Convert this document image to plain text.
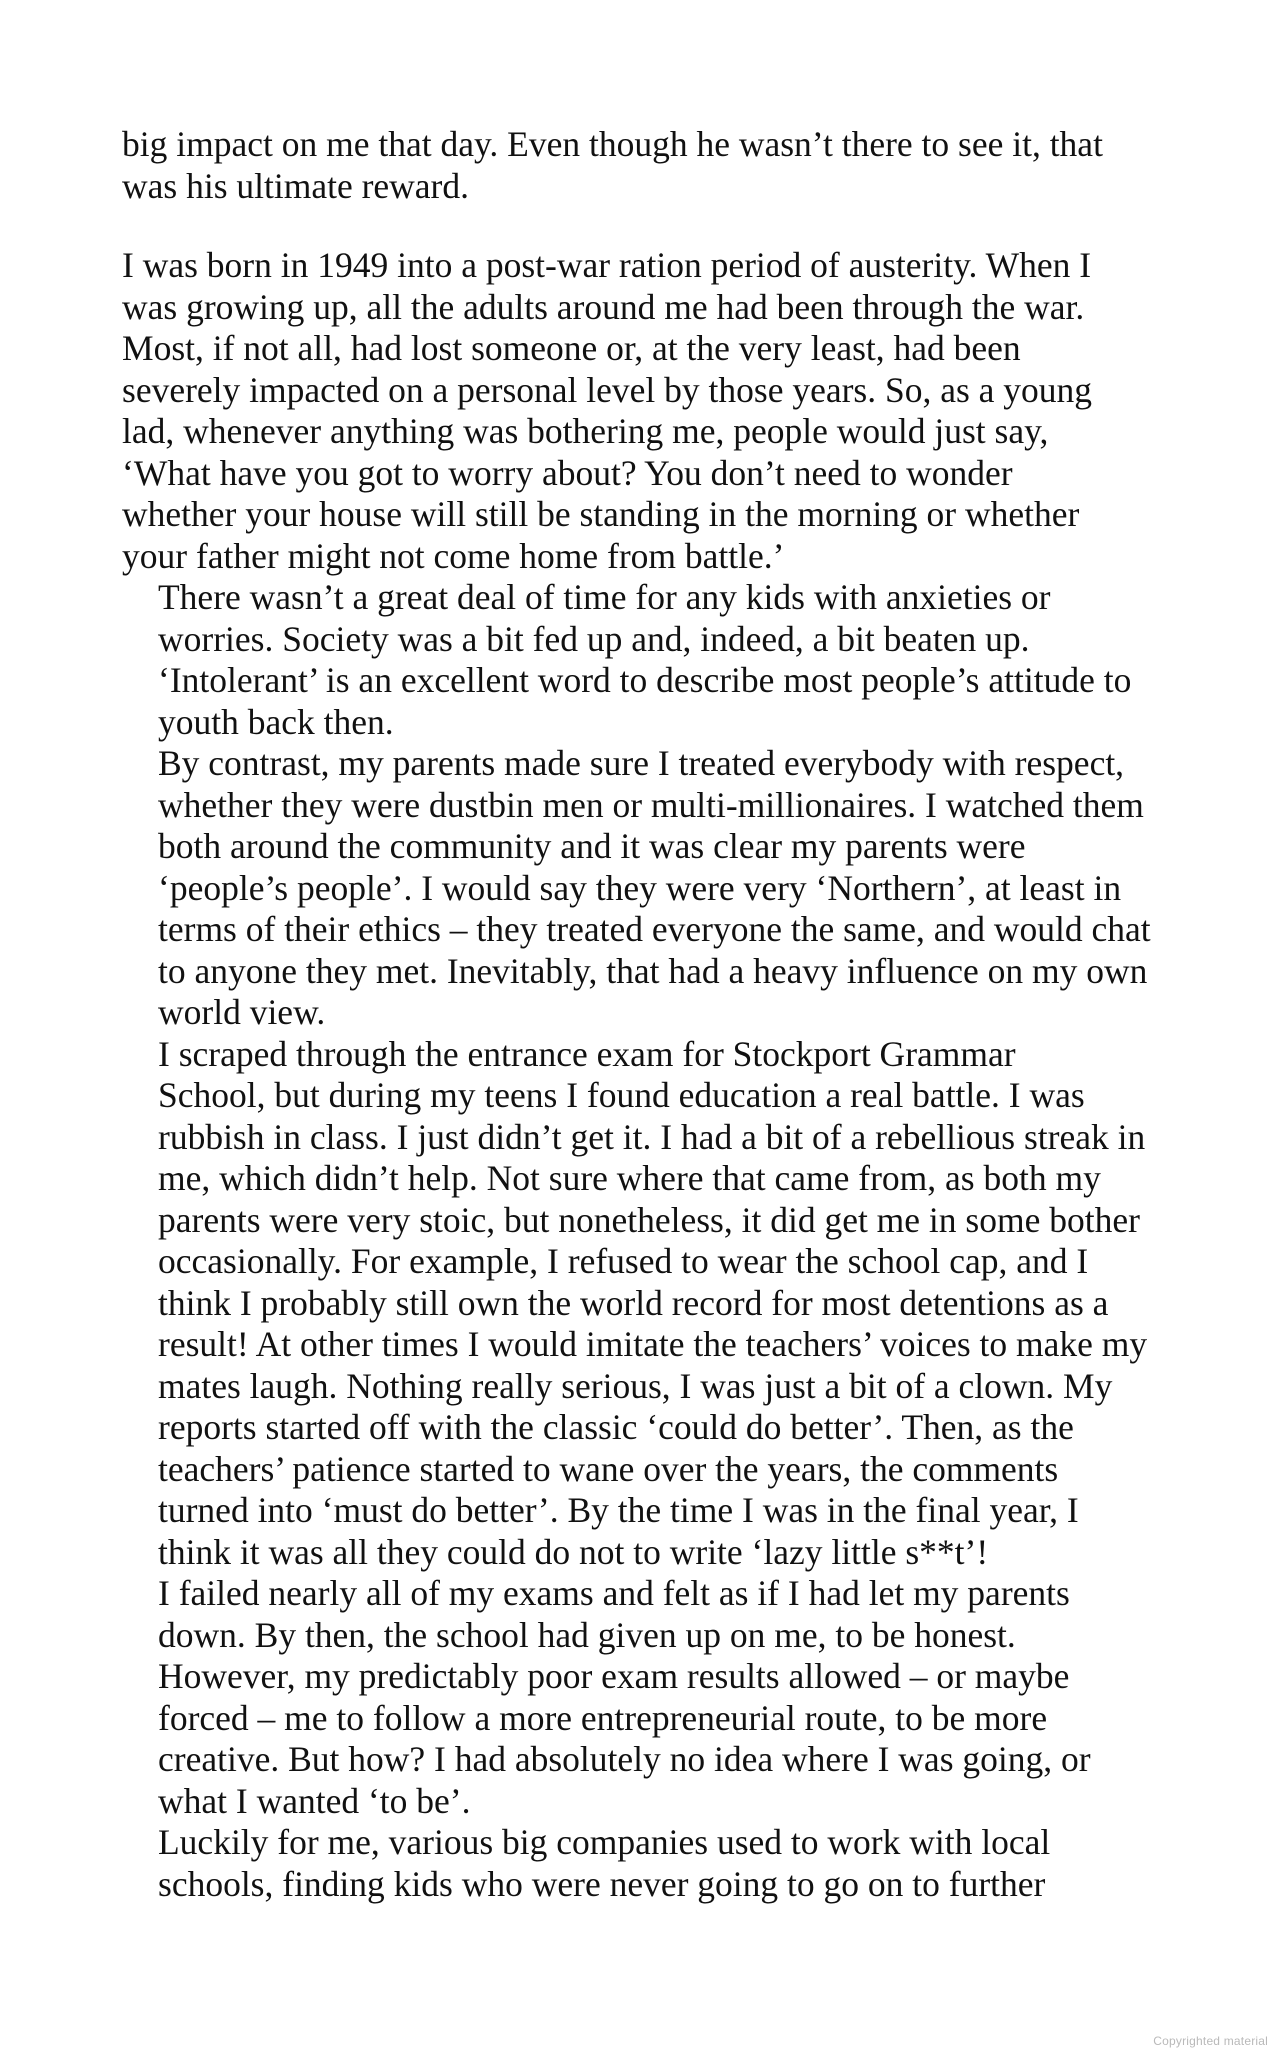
big impact on me that day. Even though he wasn’t there to see it, that
was his ultimate reward.

I was born in 1949 into a post-war ration period of austerity. When I
was growing up, all the adults around me had been through the war.
Most, if not all, had lost someone or, at the very least, had been
severely impacted on a personal level by those years. So, as a young
lad, whenever anything was bothering me, people would just say,
‘What have you got to worry about? You don’t need to wonder
whether your house will still be standing in the morning or whether
your father might not come home from battle.’

There wasn’t a great deal of time for any kids with anxieties or
worries. Society was a bit fed up and, indeed, a bit beaten up.
‘Intolerant’ is an excellent word to describe most people’s attitude to
youth back then.

By contrast, my parents made sure I treated everybody with respect,
whether they were dustbin men or multi-millionaires. I watched them
both around the community and it was clear my parents were
‘people’s people’. I would say they were very ‘Northern’, at least in
terms of their ethics – they treated everyone the same, and would chat
to anyone they met. Inevitably, that had a heavy influence on my own
world view.

I scraped through the entrance exam for Stockport Grammar
School, but during my teens I found education a real battle. I was
rubbish in class. I just didn’t get it. I had a bit of a rebellious streak in
me, which didn’t help. Not sure where that came from, as both my
parents were very stoic, but nonetheless, it did get me in some bother
occasionally. For example, I refused to wear the school cap, and I
think I probably still own the world record for most detentions as a
result! At other times I would imitate the teachers’ voices to make my
mates laugh. Nothing really serious, I was just a bit of a clown. My
reports started off with the classic ‘could do better’. Then, as the
teachers’ patience started to wane over the years, the comments
turned into ‘must do better’. By the time I was in the final year, I
think it was all they could do not to write ‘lazy little s**t’!

I failed nearly all of my exams and felt as if I had let my parents
down. By then, the school had given up on me, to be honest.
However, my predictably poor exam results allowed – or maybe
forced – me to follow a more entrepreneurial route, to be more
creative. But how? I had absolutely no idea where I was going, or
what I wanted ‘to be’.

Luckily for me, various big companies used to work with local
schools, finding kids who were never going to go on to further

Copyrighted material
